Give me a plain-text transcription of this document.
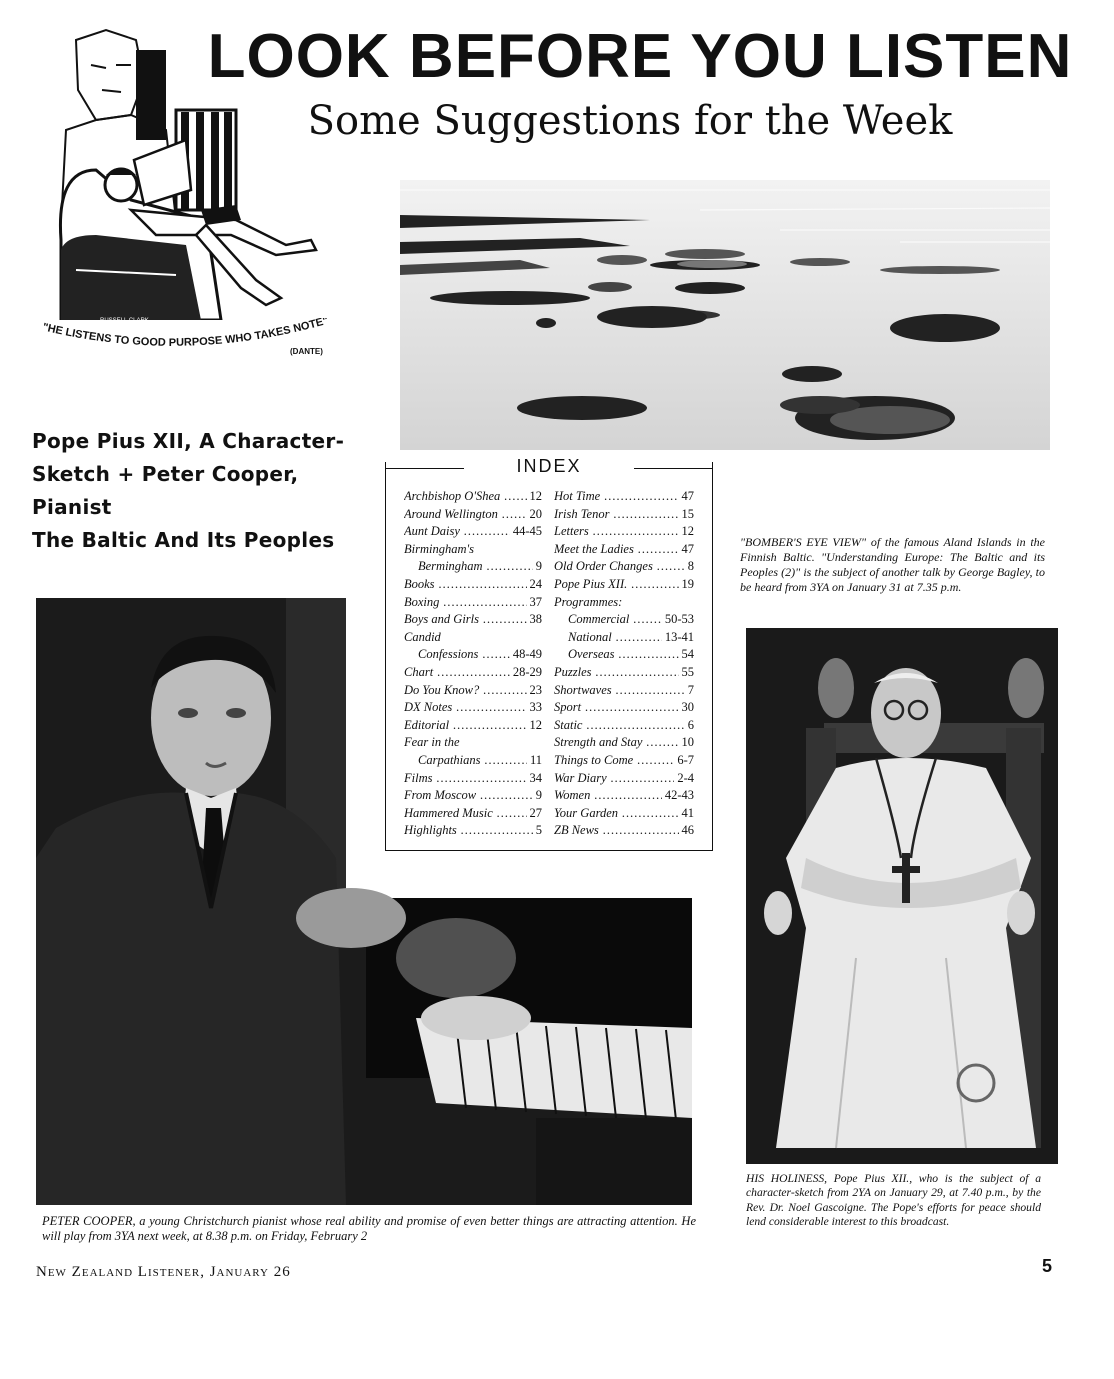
"HE LISTENS TO GOOD PURPOSE WHO TAKES NOTE"
(DANTE)
RUSSELL CLARK
LOOK BEFORE YOU LISTEN
Some Suggestions for the Week
Pope Pius XII, A Character-
Sketch + Peter Cooper, Pianist
The Baltic And Its Peoples
INDEX
Archbishop O'Shea .....	12
Around Wellington .....	20
Aunt Daisy .....	44-45
Birmingham's
Bermingham .....	9
Books .....	24
Boxing .....	37
Boys and Girls .....	38
Candid
Confessions .....	48-49
Chart .....	28-29
Do You Know? .....	23
DX Notes .....	33
Editorial .....	12
Fear in the
Carpathians .....	11
Films .....	34
From Moscow .....	9
Hammered Music .....	27
Highlights .....	5
Hot Time .....	47
Irish Tenor .....	15
Letters .....	12
Meet the Ladies .....	47
Old Order Changes .....	8
Pope Pius XII. .....	19
Programmes:
Commercial .....	50-53
National .....	13-41
Overseas .....	54
Puzzles .....	55
Shortwaves .....	7
Sport .....	30
Static .....	6
Strength and Stay .....	10
Things to Come .....	6-7
War Diary .....	2-4
Women .....	42-43
Your Garden .....	41
ZB News .....	46
"BOMBER'S EYE VIEW" of the famous Aland Islands in the Finnish Baltic. "Understanding Europe: The Baltic and its Peoples (2)" is the subject of another talk by George Bagley, to be heard from 3YA on January 31 at 7.35 p.m.
PETER COOPER, a young Christchurch pianist whose real ability and promise of even better things are attracting attention. He will play from 3YA next week, at 8.38 p.m. on Friday, February 2
HIS HOLINESS, Pope Pius XII., who is the subject of a character-sketch from 2YA on January 29, at 7.40 p.m., by the Rev. Dr. Noel Gascoigne. The Pope's efforts for peace should lend considerable interest to this broadcast.
New Zealand Listener, January 26	5
